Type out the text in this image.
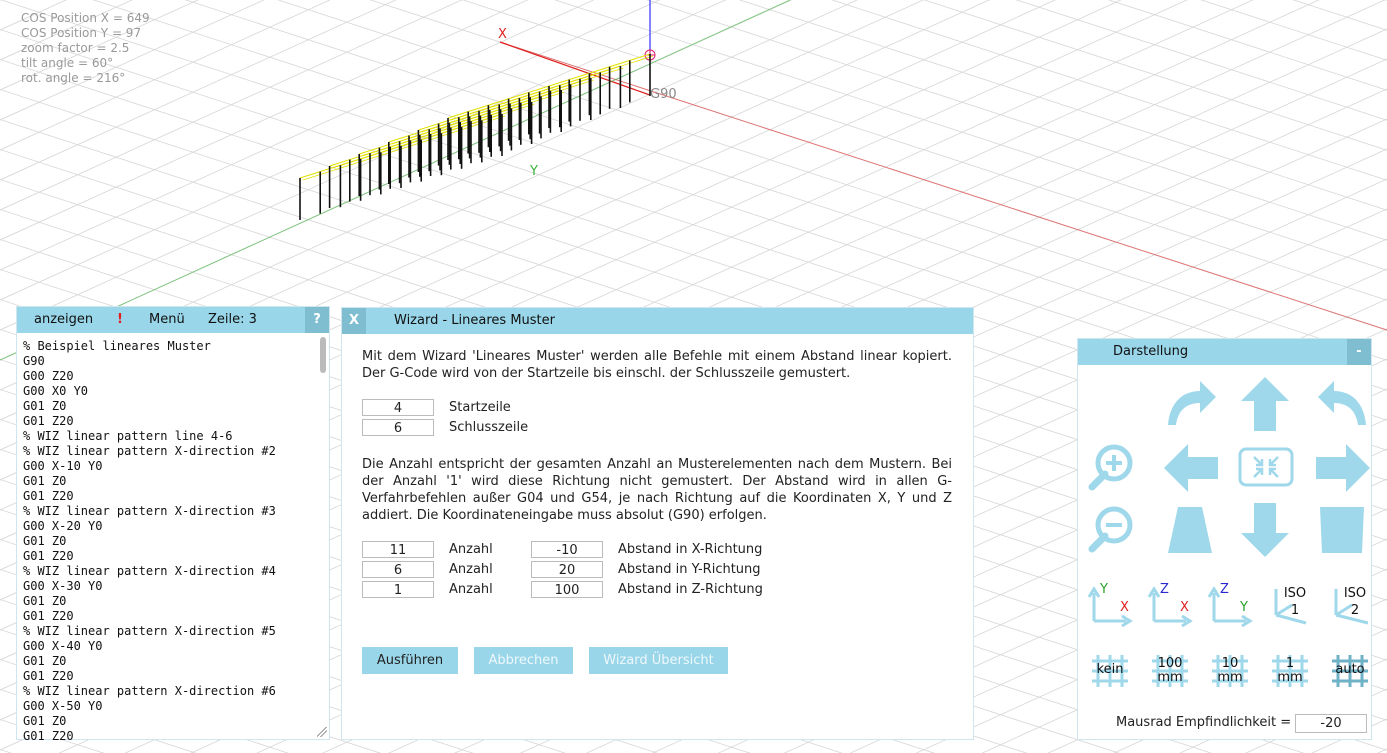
X
G90
Y
COS Position X = 649
COS Position Y = 97
zoom factor = 2.5
tilt angle = 60°
rot. angle = 216°
anzeigen ! Menü Zeile: 3	?
% Beispiel lineares Muster
G90
G00 Z20
G00 X0 Y0
G01 Z0
G01 Z20
% WIZ linear pattern line 4-6
% WIZ linear pattern X-direction #2
G00 X-10 Y0
G01 Z0
G01 Z20
% WIZ linear pattern X-direction #3
G00 X-20 Y0
G01 Z0
G01 Z20
% WIZ linear pattern X-direction #4
G00 X-30 Y0
G01 Z0
G01 Z20
% WIZ linear pattern X-direction #5
G00 X-40 Y0
G01 Z0
G01 Z20
% WIZ linear pattern X-direction #6
G00 X-50 Y0
G01 Z0
G01 Z20
X	Wizard - Lineares Muster
Mit dem Wizard 'Lineares Muster' werden alle Befehle mit einem Abstand linear kopiert. Der G-Code wird von der Startzeile bis einschl. der Schlusszeile gemustert.
4	Startzeile
6	Schlusszeile
Die Anzahl entspricht der gesamten Anzahl an Musterelementen nach dem Mustern. Bei der Anzahl '1' wird diese Richtung nicht gemustert. Der Abstand wird in allen G-Verfahrbefehlen außer G04 und G54, je nach Richtung auf die Koordinaten X, Y und Z addiert. Die Koordinateneingabe muss absolut (G90) erfolgen.
11	Anzahl	-10	Abstand in X-Richtung
6	Anzahl	20	Abstand in Y-Richtung
1	Anzahl	100	Abstand in Z-Richtung
Ausführen	Abbrechen	Wizard Übersicht
Darstellung	-
Y
X
Z
X
Z
Y
ISO
1
ISO
2
kein	100
mm
10
mm
1
mm
auto
Mausrad Empfindlichkeit =	-20
